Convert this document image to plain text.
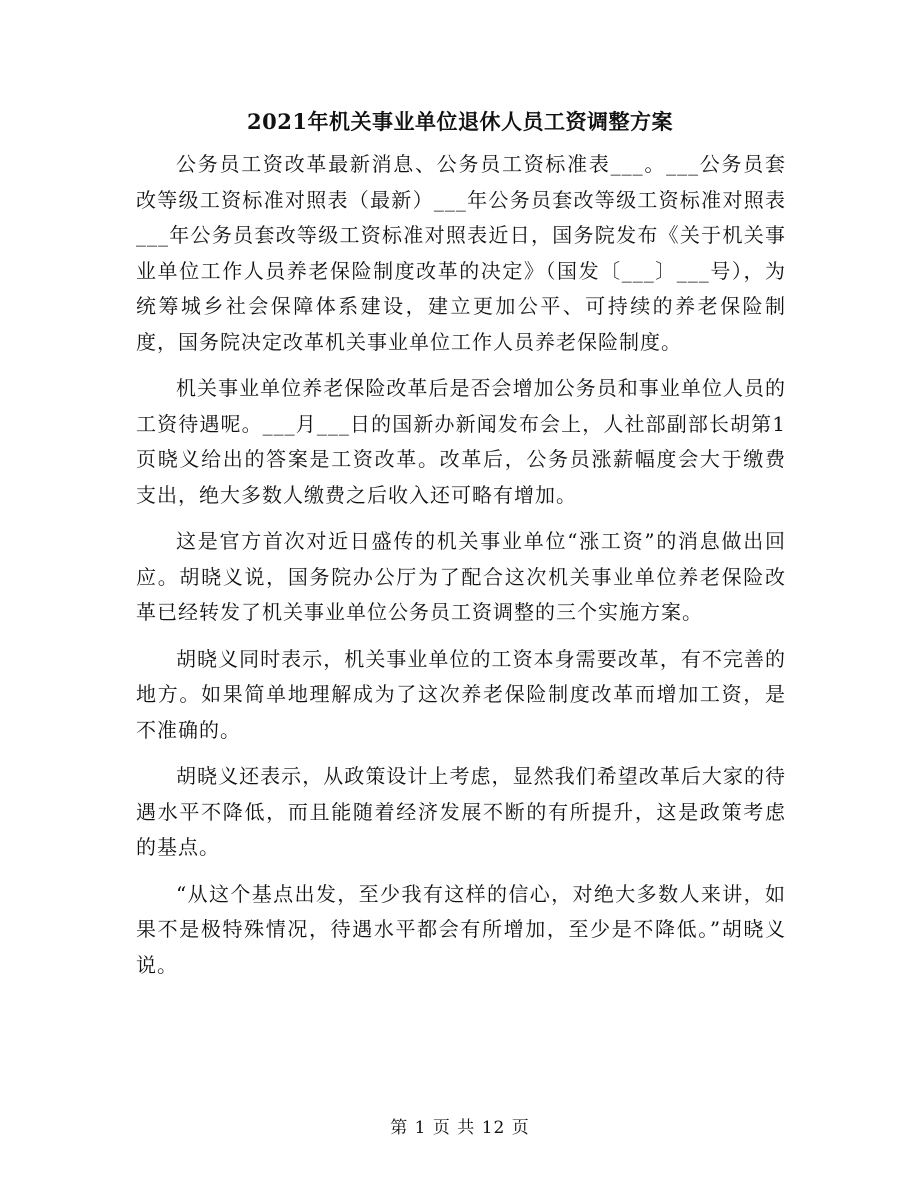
2021年机关事业单位退休人员工资调整方案

公务员工资改革最新消息、公务员工资标准表___。___公务员套改等级工资标准对照表（最新）___年公务员套改等级工资标准对照表___年公务员套改等级工资标准对照表近日，国务院发布《关于机关事业单位工作人员养老保险制度改革的决定》（国发〔___〕___号），为统筹城乡社会保障体系建设，建立更加公平、可持续的养老保险制度，国务院决定改革机关事业单位工作人员养老保险制度。

机关事业单位养老保险改革后是否会增加公务员和事业单位人员的工资待遇呢。___月___日的国新办新闻发布会上，人社部副部长胡第1页晓义给出的答案是工资改革。改革后，公务员涨薪幅度会大于缴费支出，绝大多数人缴费之后收入还可略有增加。

这是官方首次对近日盛传的机关事业单位“涨工资”的消息做出回应。胡晓义说，国务院办公厅为了配合这次机关事业单位养老保险改革已经转发了机关事业单位公务员工资调整的三个实施方案。

胡晓义同时表示，机关事业单位的工资本身需要改革，有不完善的地方。如果简单地理解成为了这次养老保险制度改革而增加工资，是不准确的。

胡晓义还表示，从政策设计上考虑，显然我们希望改革后大家的待遇水平不降低，而且能随着经济发展不断的有所提升，这是政策考虑的基点。

“从这个基点出发，至少我有这样的信心，对绝大多数人来讲，如果不是极特殊情况，待遇水平都会有所增加，至少是不降低。”胡晓义说。

第 1 页 共 12 页
